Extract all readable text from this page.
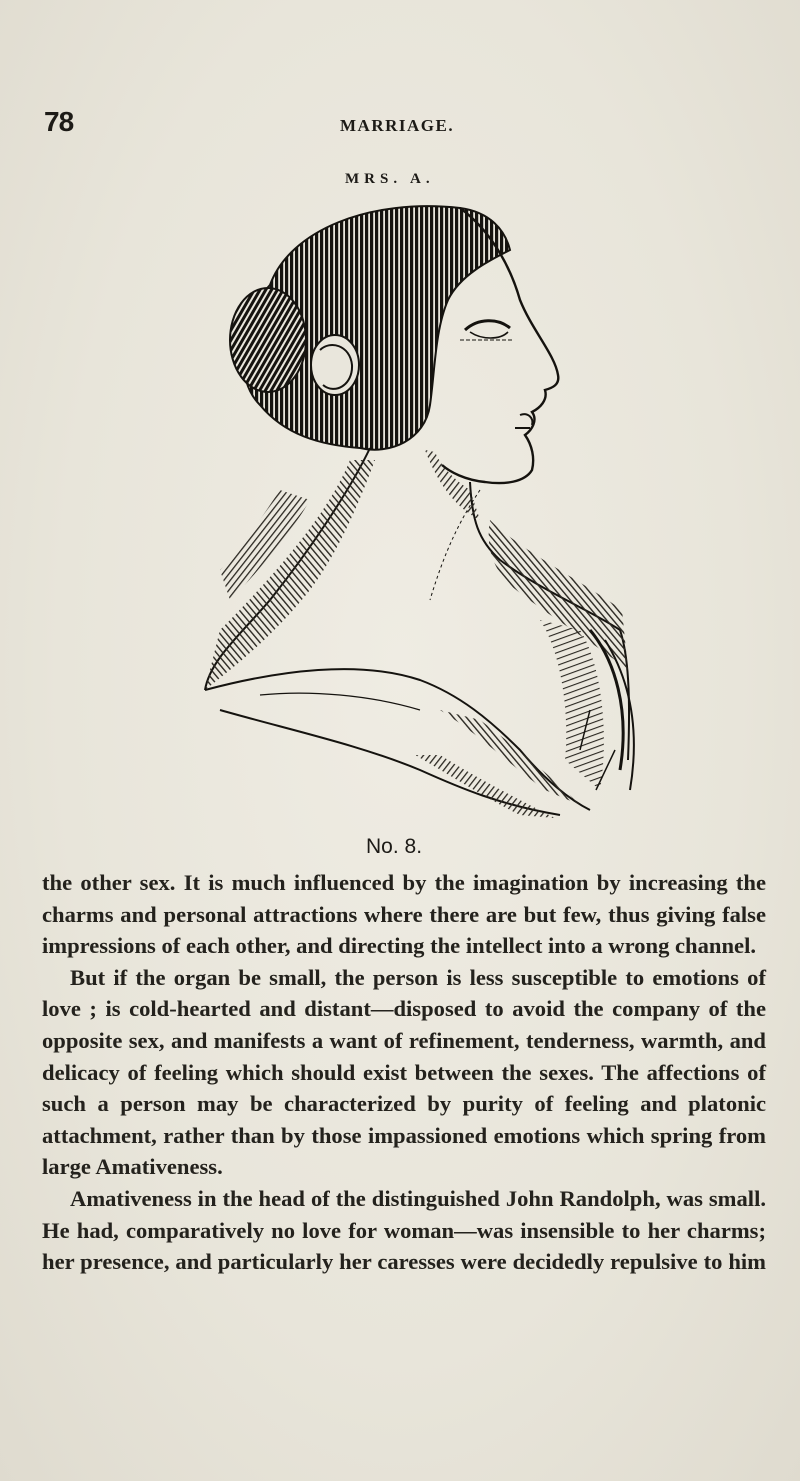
78	MARRIAGE.
MRS. A.
No. 8.

the other sex. It is much influenced by the imagination by increasing the charms and personal attractions where there are but few, thus giving false impressions of each other, and directing the intellect into a wrong channel.

But if the organ be small, the person is less susceptible to emotions of love ; is cold-hearted and distant—disposed to avoid the company of the opposite sex, and manifests a want of refinement, tenderness, warmth, and delicacy of feeling which should exist between the sexes. The affections of such a person may be characterized by purity of feeling and platonic attachment, rather than by those impassioned emotions which spring from large Amativeness.

Amativeness in the head of the distinguished John Randolph, was small. He had, comparatively no love for woman—was insensible to her charms; her presence, and particularly her caresses were decidedly repulsive to him
